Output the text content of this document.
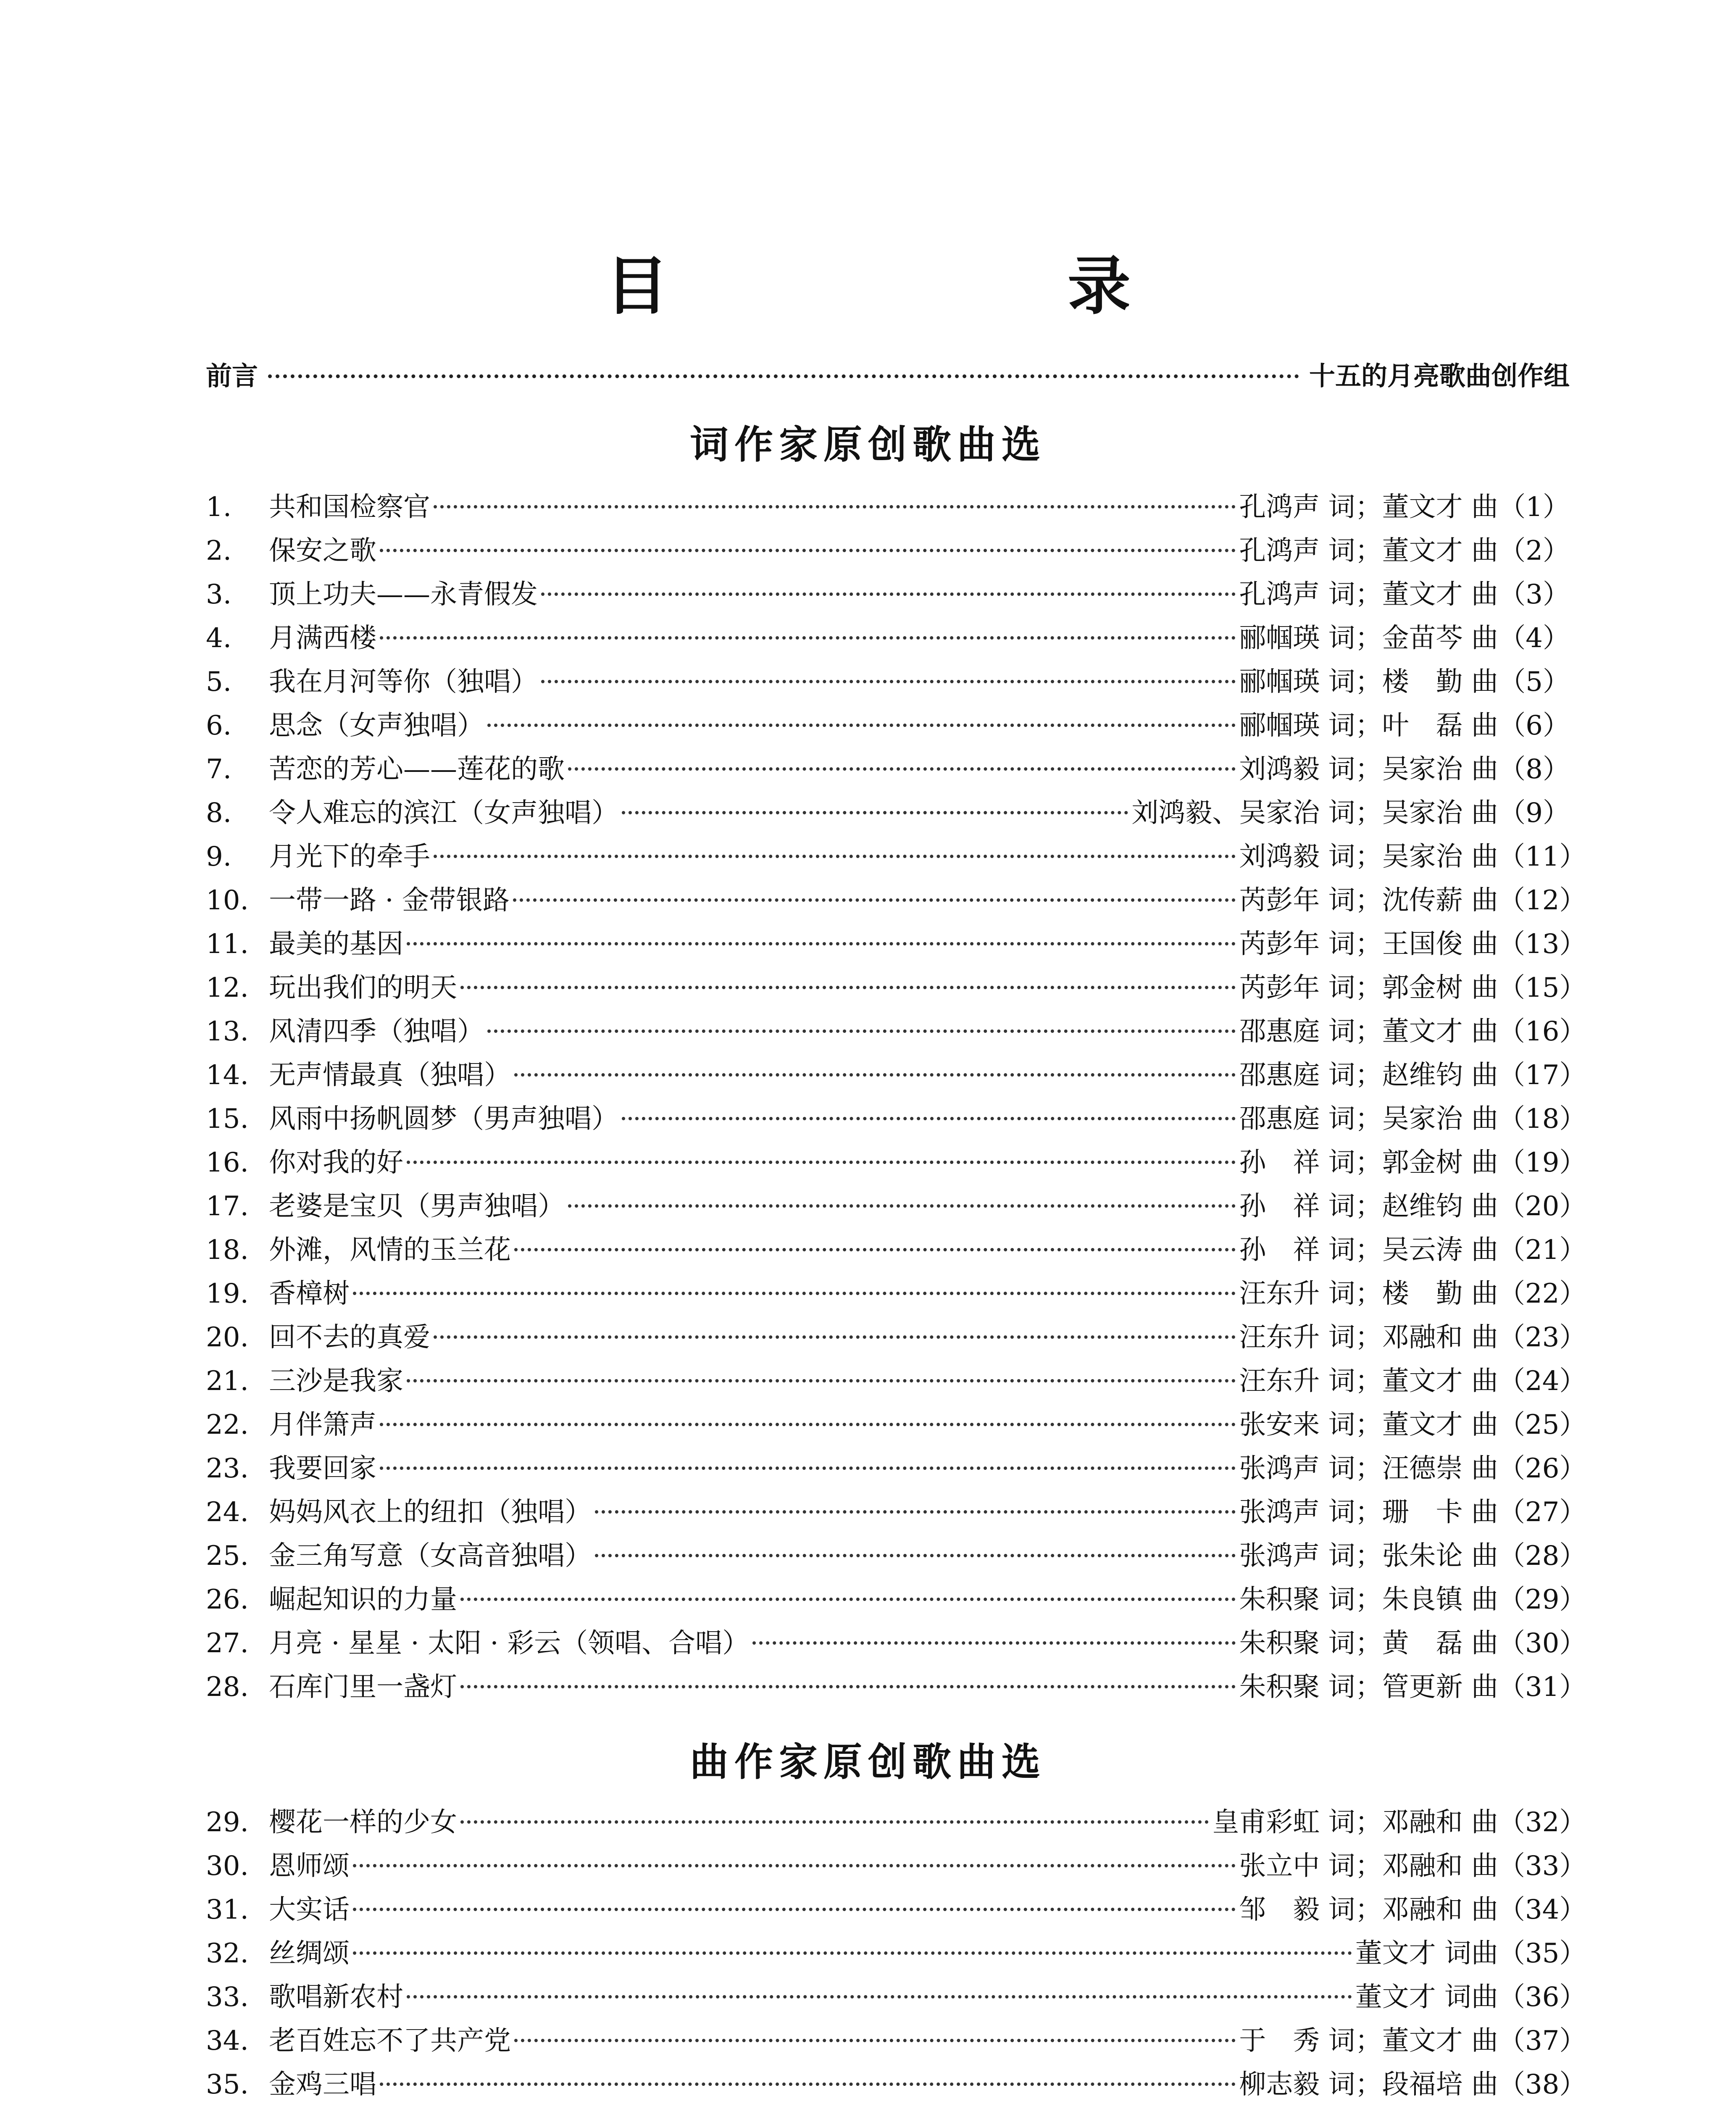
目　录
前言	十五的月亮歌曲创作组
词作家原创歌曲选
1.	共和国检察官	孔鸿声 词；董文才 曲 （1）
2.	保安之歌	孔鸿声 词；董文才 曲 （2）
3.	顶上功夫——永青假发	孔鸿声 词；董文才 曲 （3）
4.	月满西楼	郦帼瑛 词；金苗芩 曲 （4）
5.	我在月河等你（独唱）	郦帼瑛 词；楼　勤 曲 （5）
6.	思念（女声独唱）	郦帼瑛 词；叶　磊 曲 （6）
7.	苦恋的芳心——莲花的歌	刘鸿毅 词；吴家治 曲 （8）
8.	令人难忘的滨江（女声独唱）	刘鸿毅、吴家治 词；吴家治 曲 （9）
9.	月光下的牵手	刘鸿毅 词；吴家治 曲 （11）
10. 一带一路 · 金带银路	芮彭年 词；沈传薪 曲 （12）
11. 最美的基因	芮彭年 词；王国俊 曲 （13）
12. 玩出我们的明天	芮彭年 词；郭金树 曲 （15）
13. 风清四季（独唱）	邵惠庭 词；董文才 曲 （16）
14. 无声情最真（独唱）	邵惠庭 词；赵维钧 曲 （17）
15. 风雨中扬帆圆梦（男声独唱）	邵惠庭 词；吴家治 曲 （18）
16. 你对我的好	孙　祥 词；郭金树 曲 （19）
17. 老婆是宝贝（男声独唱）	孙　祥 词；赵维钧 曲 （20）
18. 外滩，风情的玉兰花	孙　祥 词；吴云涛 曲 （21）
19. 香樟树	汪东升 词；楼　勤 曲 （22）
20. 回不去的真爱	汪东升 词；邓融和 曲 （23）
21. 三沙是我家	汪东升 词；董文才 曲 （24）
22. 月伴箫声	张安来 词；董文才 曲 （25）
23. 我要回家	张鸿声 词；汪德崇 曲 （26）
24. 妈妈风衣上的纽扣（独唱）	张鸿声 词；珊　卡 曲 （27）
25. 金三角写意（女高音独唱）	张鸿声 词；张朱论 曲 （28）
26. 崛起知识的力量	朱积聚 词；朱良镇 曲 （29）
27. 月亮 · 星星 · 太阳 · 彩云（领唱、合唱）	朱积聚 词；黄　磊 曲 （30）
28. 石库门里一盏灯	朱积聚 词；管更新 曲 （31）
曲作家原创歌曲选
29. 樱花一样的少女	皇甫彩虹 词；邓融和 曲 （32）
30. 恩师颂	张立中 词；邓融和 曲 （33）
31. 大实话	邹　毅 词；邓融和 曲 （34）
32. 丝绸颂	董文才 词曲 （35）
33. 歌唱新农村	董文才 词曲 （36）
34. 老百姓忘不了共产党	于　秀 词；董文才 曲 （37）
35. 金鸡三唱	柳志毅 词；段福培 曲 （38）
